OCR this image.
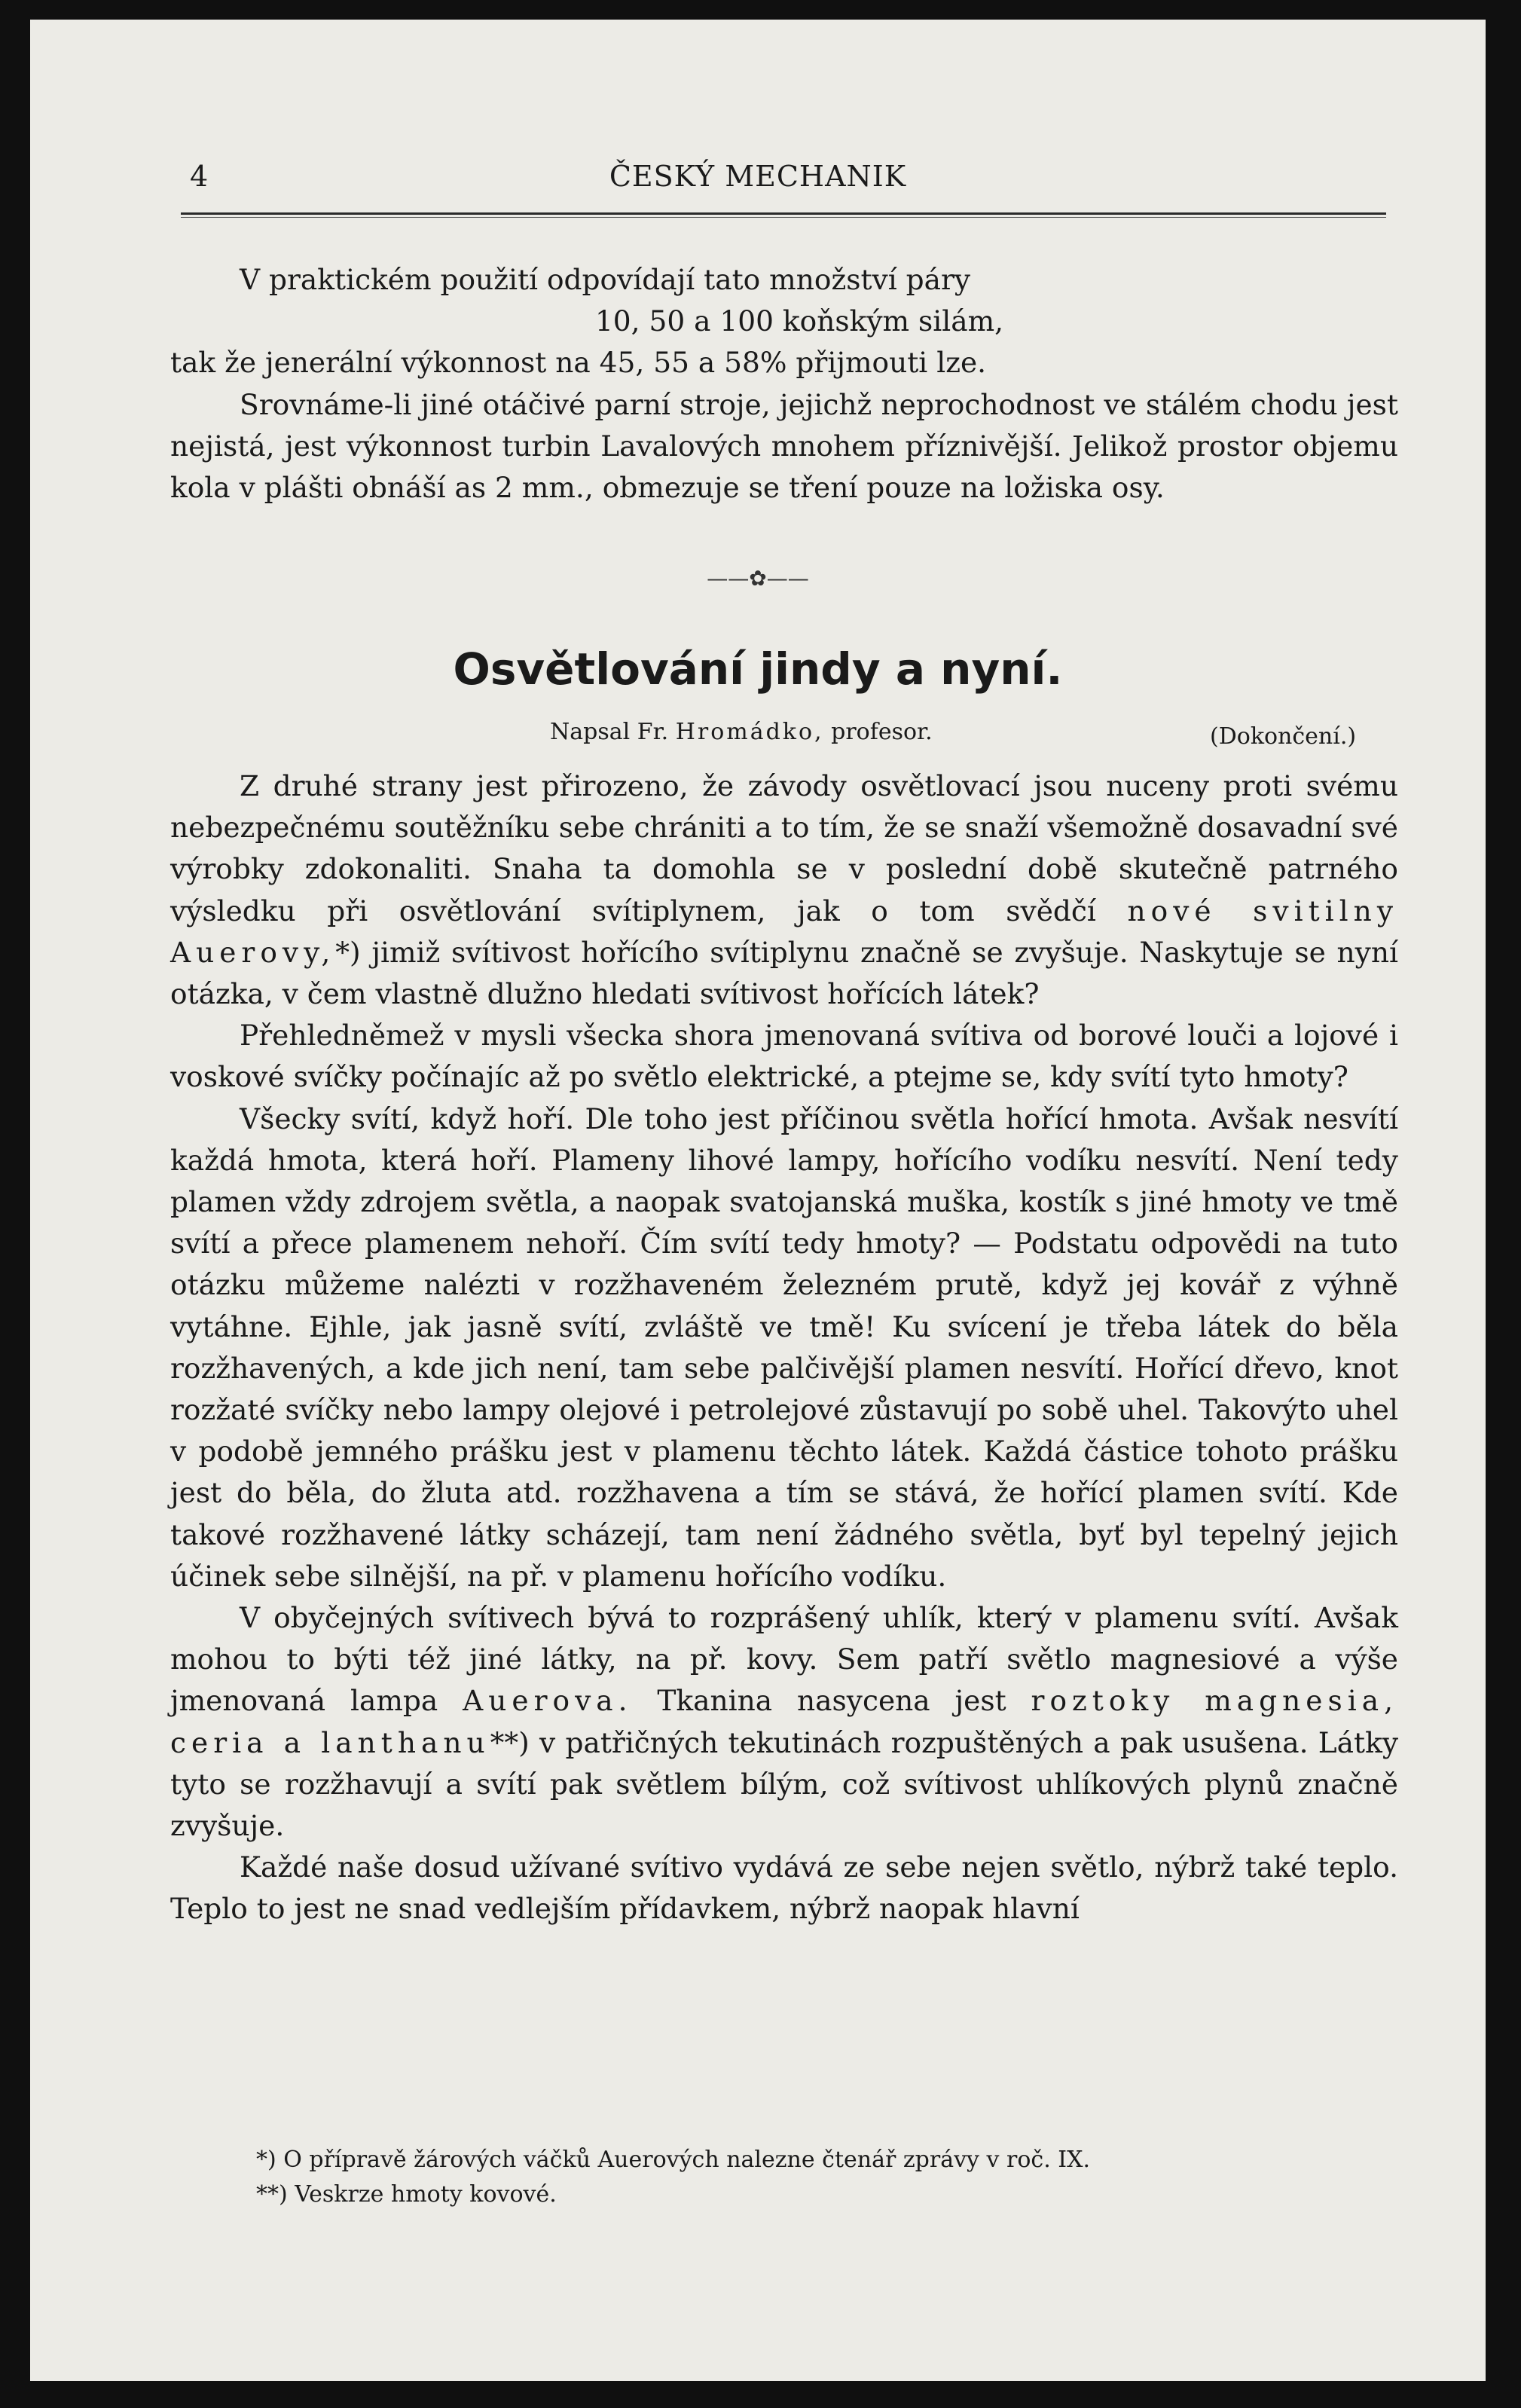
4	ČESKÝ MECHANIK

V praktickém použití odpovídají tato množství páry

10, 50 a 100 koňským silám,

tak že jenerální výkonnost na 45, 55 a 58% přijmouti lze.

Srovnáme-li jiné otáčivé parní stroje, jejichž neprochodnost ve stálém chodu jest nejistá, jest výkonnost turbin Lavalových mnohem příznivější. Jelikož prostor objemu kola v plášti obnáší as 2 mm., obmezuje se tření pouze na ložiska osy.

——✿——
Osvětlování jindy a nyní.
Napsal Fr. Hromádko, profesor.	(Dokončení.)

Z druhé strany jest přirozeno, že závody osvětlovací jsou nuceny proti svému nebezpečnému soutěžníku sebe chrániti a to tím, že se snaží všemožně dosavadní své výrobky zdokonaliti. Snaha ta domohla se v poslední době skutečně patrného výsledku při osvětlování svítiplynem, jak o tom svědčí nové svitilny Auerovy,*) jimiž svítivost hořícího svítiplynu značně se zvyšuje. Naskytuje se nyní otázka, v čem vlastně dlužno hledati svítivost hořících látek?

Přehledněmež v mysli všecka shora jmenovaná svítiva od borové louči a lojové i voskové svíčky počínajíc až po světlo elektrické, a ptejme se, kdy svítí tyto hmoty?

Všecky svítí, když hoří. Dle toho jest příčinou světla hořící hmota. Avšak nesvítí každá hmota, která hoří. Plameny lihové lampy, hořícího vodíku nesvítí. Není tedy plamen vždy zdrojem světla, a naopak svatojanská muška, kostík s jiné hmoty ve tmě svítí a přece plamenem nehoří. Čím svítí tedy hmoty? — Podstatu odpovědi na tuto otázku můžeme nalézti v rozžhaveném železném prutě, když jej kovář z výhně vytáhne. Ejhle, jak jasně svítí, zvláště ve tmě! Ku svícení je třeba látek do běla rozžhavených, a kde jich není, tam sebe palčivější plamen nesvítí. Hořící dřevo, knot rozžaté svíčky nebo lampy olejové i petrolejové zůstavují po sobě uhel. Takovýto uhel v podobě jemného prášku jest v plamenu těchto látek. Každá částice tohoto prášku jest do běla, do žluta atd. rozžhavena a tím se stává, že hořící plamen svítí. Kde takové rozžhavené látky scházejí, tam není žádného světla, byť byl tepelný jejich účinek sebe silnější, na př. v plamenu hořícího vodíku.

V obyčejných svítivech bývá to rozprášený uhlík, který v plamenu svítí. Avšak mohou to býti též jiné látky, na př. kovy. Sem patří světlo magnesiové a výše jmenovaná lampa Auerova. Tkanina nasycena jest roztoky magnesia, ceria a lanthanu**) v patřičných tekutinách rozpuštěných a pak usušena. Látky tyto se rozžhavují a svítí pak světlem bílým, což svítivost uhlíkových plynů značně zvyšuje.

Každé naše dosud užívané svítivo vydává ze sebe nejen světlo, nýbrž také teplo. Teplo to jest ne snad vedlejším přídavkem, nýbrž naopak hlavní

*) O přípravě žárových váčků Auerových nalezne čtenář zprávy v roč. IX.
**) Veskrze hmoty kovové.
